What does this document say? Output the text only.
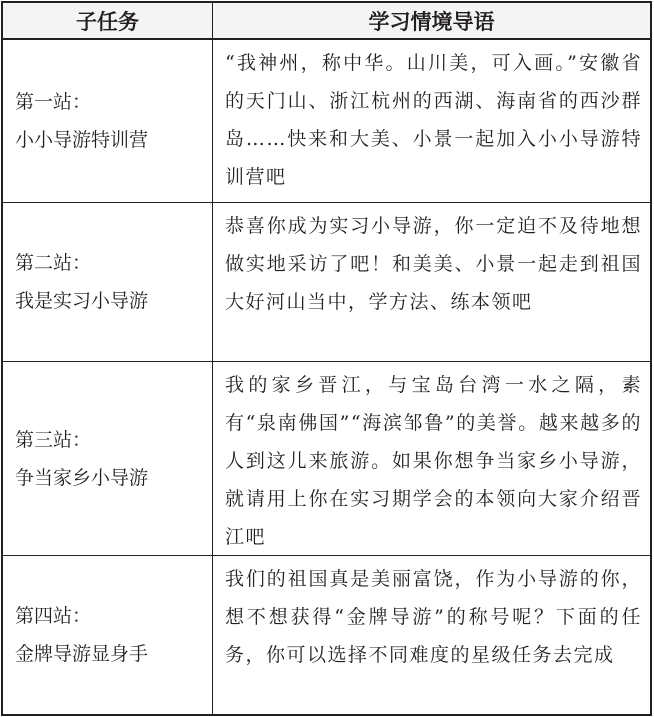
子任务	学习情境导语
第一站：
小小导游特训营
“我神州，称中华。山川美，可入画。”安徽省的天门山、浙江杭州的西湖、海南省的西沙群岛……快来和大美、小景一起加入小小导游特训营吧
第二站：
我是实习小导游
恭喜你成为实习小导游，你一定迫不及待地想做实地采访了吧！和美美、小景一起走到祖国大好河山当中，学方法、练本领吧
第三站：
争当家乡小导游
我的家乡晋江，与宝岛台湾一水之隔，素有“泉南佛国”“海滨邹鲁”的美誉。越来越多的人到这儿来旅游。如果你想争当家乡小导游，就请用上你在实习期学会的本领向大家介绍晋江吧
第四站：
金牌导游显身手
我们的祖国真是美丽富饶，作为小导游的你，想不想获得“金牌导游”的称号呢？下面的任务，你可以选择不同难度的星级任务去完成
